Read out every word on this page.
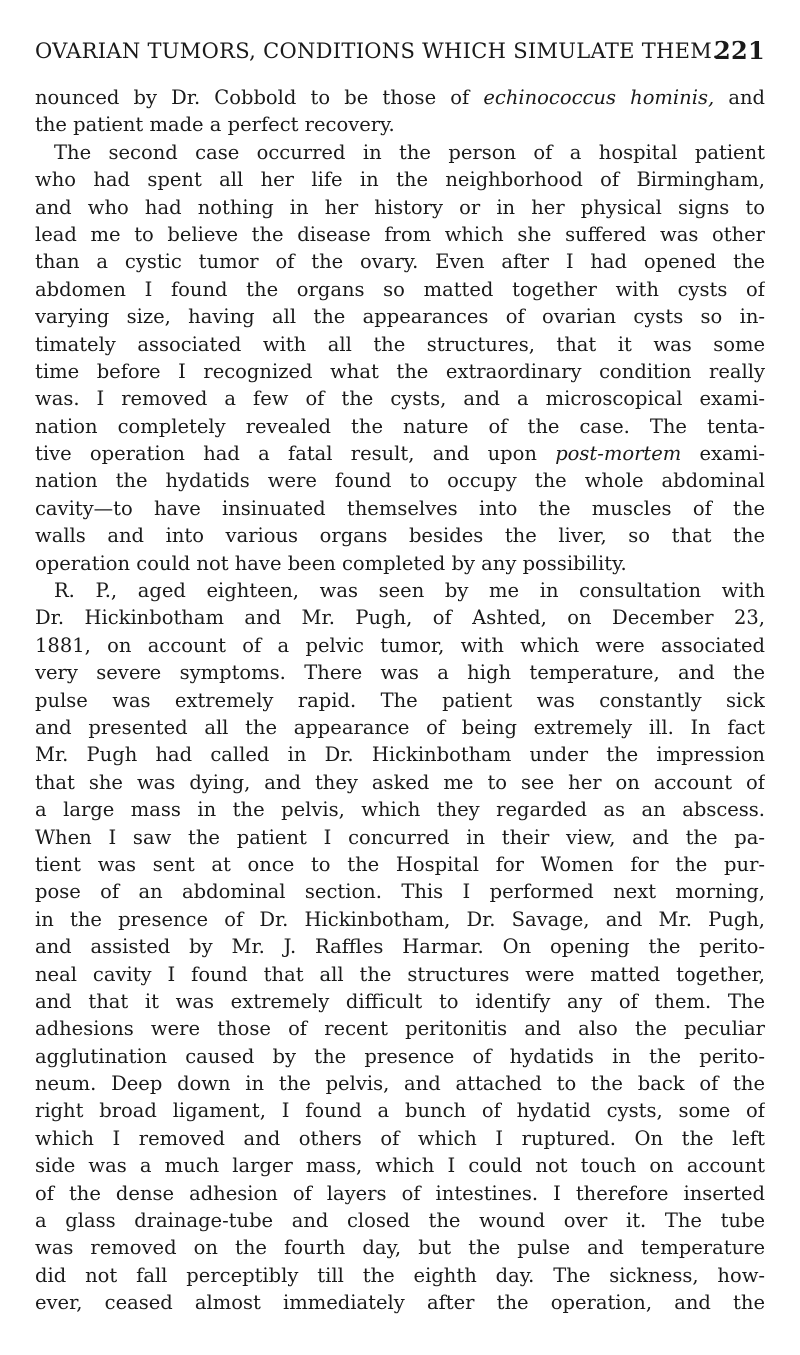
OVARIAN TUMORS, CONDITIONS WHICH SIMULATE THEM.
221
nounced by Dr. Cobbold to be those of echinococcus hominis, and
the patient made a perfect recovery.
The second case occurred in the person of a hospital patient
who had spent all her life in the neighborhood of Birmingham,
and who had nothing in her history or in her physical signs to
lead me to believe the disease from which she suffered was other
than a cystic tumor of the ovary. Even after I had opened the
abdomen I found the organs so matted together with cysts of
varying size, having all the appearances of ovarian cysts so in-
timately associated with all the structures, that it was some
time before I recognized what the extraordinary condition really
was. I removed a few of the cysts, and a microscopical exami-
nation completely revealed the nature of the case. The tenta-
tive operation had a fatal result, and upon post-mortem exami-
nation the hydatids were found to occupy the whole abdominal
cavity—to have insinuated themselves into the muscles of the
walls and into various organs besides the liver, so that the
operation could not have been completed by any possibility.
R. P., aged eighteen, was seen by me in consultation with
Dr. Hickinbotham and Mr. Pugh, of Ashted, on December 23,
1881, on account of a pelvic tumor, with which were associated
very severe symptoms. There was a high temperature, and the
pulse was extremely rapid. The patient was constantly sick
and presented all the appearance of being extremely ill. In fact
Mr. Pugh had called in Dr. Hickinbotham under the impression
that she was dying, and they asked me to see her on account of
a large mass in the pelvis, which they regarded as an abscess.
When I saw the patient I concurred in their view, and the pa-
tient was sent at once to the Hospital for Women for the pur-
pose of an abdominal section. This I performed next morning,
in the presence of Dr. Hickinbotham, Dr. Savage, and Mr. Pugh,
and assisted by Mr. J. Raffles Harmar. On opening the perito-
neal cavity I found that all the structures were matted together,
and that it was extremely difficult to identify any of them. The
adhesions were those of recent peritonitis and also the peculiar
agglutination caused by the presence of hydatids in the perito-
neum. Deep down in the pelvis, and attached to the back of the
right broad ligament, I found a bunch of hydatid cysts, some of
which I removed and others of which I ruptured. On the left
side was a much larger mass, which I could not touch on account
of the dense adhesion of layers of intestines. I therefore inserted
a glass drainage-tube and closed the wound over it. The tube
was removed on the fourth day, but the pulse and temperature
did not fall perceptibly till the eighth day. The sickness, how-
ever, ceased almost immediately after the operation, and the
